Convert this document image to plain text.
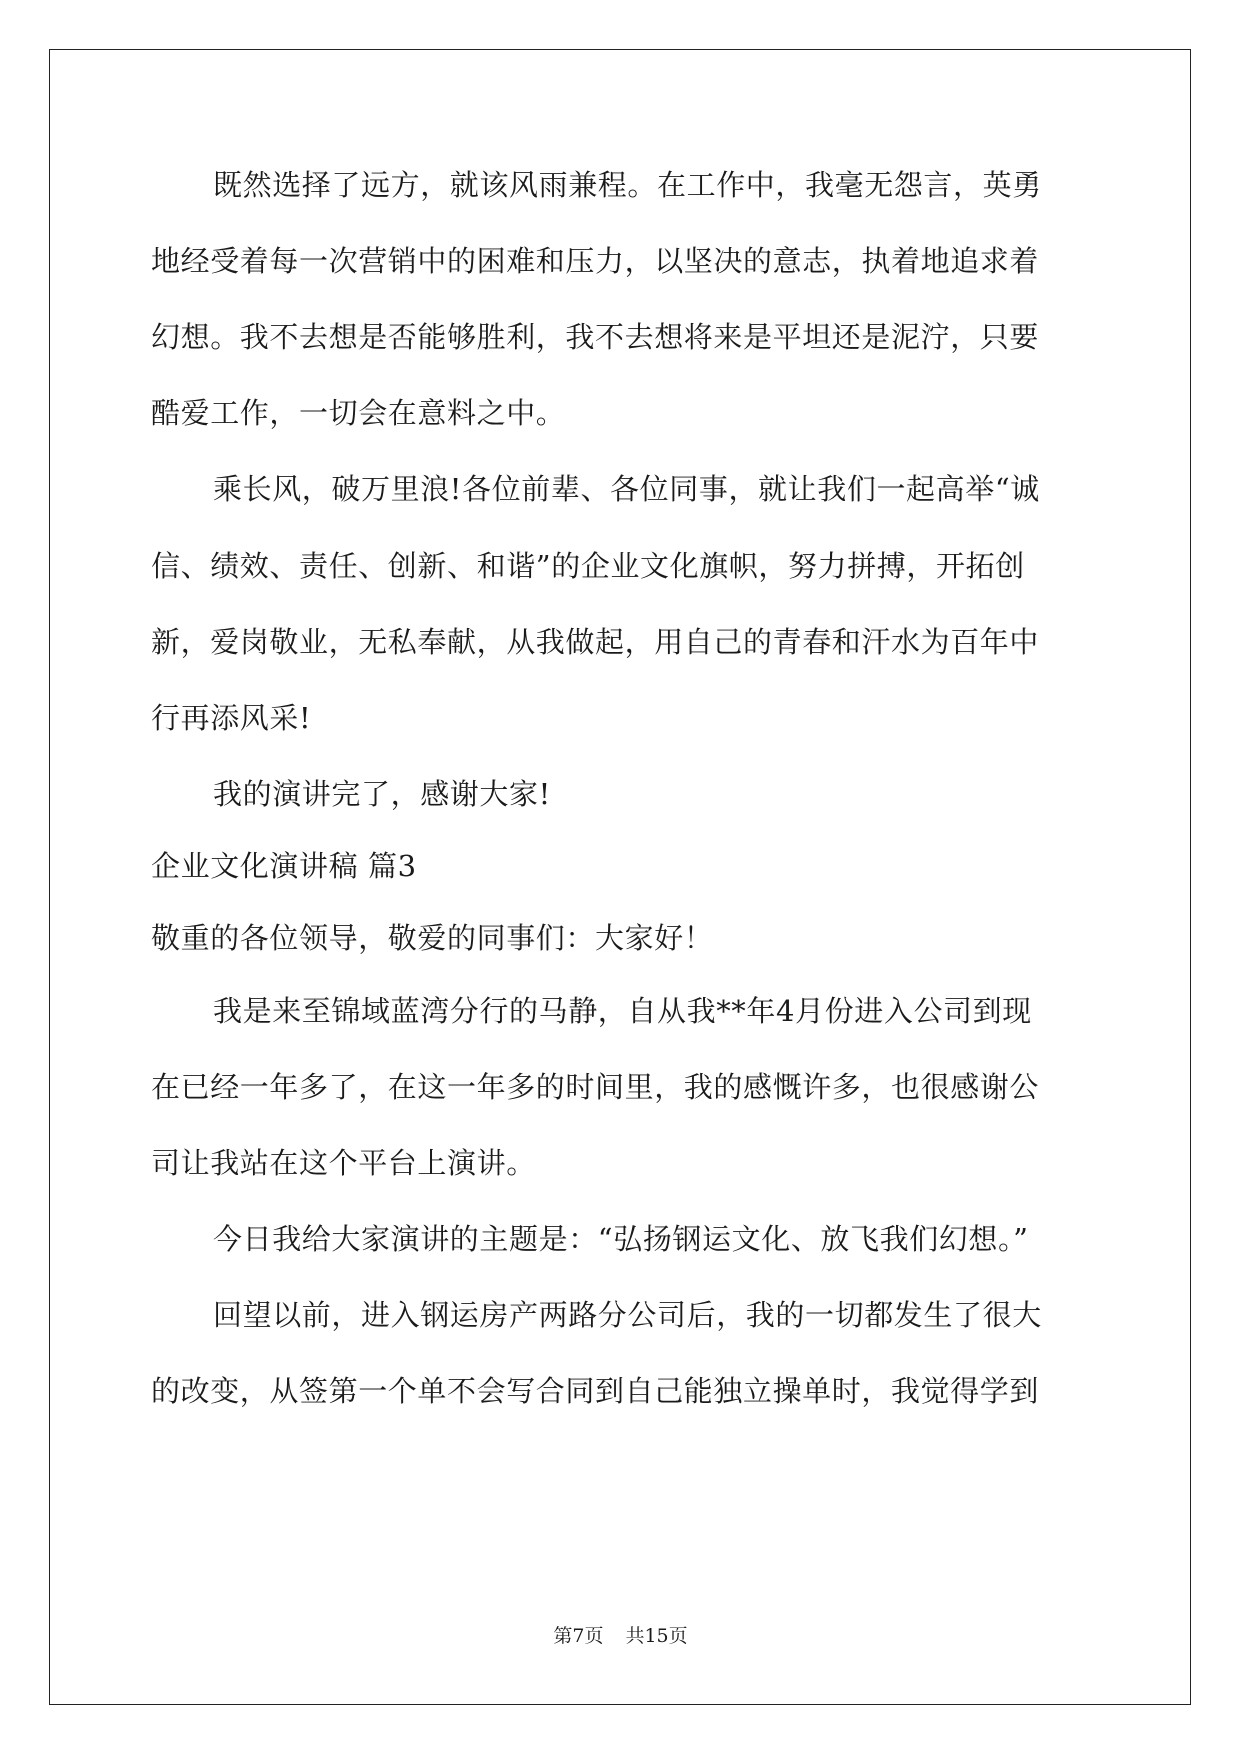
既然选择了远方，就该风雨兼程。在工作中，我毫无怨言，英勇
地经受着每一次营销中的困难和压力，以坚决的意志，执着地追求着
幻想。我不去想是否能够胜利，我不去想将来是平坦还是泥泞，只要
酷爱工作，一切会在意料之中。
乘长风，破万里浪!各位前辈、各位同事，就让我们一起高举“诚
信、绩效、责任、创新、和谐”的企业文化旗帜，努力拼搏，开拓创
新，爱岗敬业，无私奉献，从我做起，用自己的青春和汗水为百年中
行再添风采!
我的演讲完了，感谢大家!
企业文化演讲稿 篇3
敬重的各位领导，敬爱的同事们：大家好！
我是来至锦域蓝湾分行的马静，自从我**年4月份进入公司到现
在已经一年多了，在这一年多的时间里，我的感慨许多，也很感谢公
司让我站在这个平台上演讲。
今日我给大家演讲的主题是：“弘扬钢运文化、放飞我们幻想。”
回望以前，进入钢运房产两路分公司后，我的一切都发生了很大
的改变，从签第一个单不会写合同到自己能独立操单时，我觉得学到
第7页 共15页
